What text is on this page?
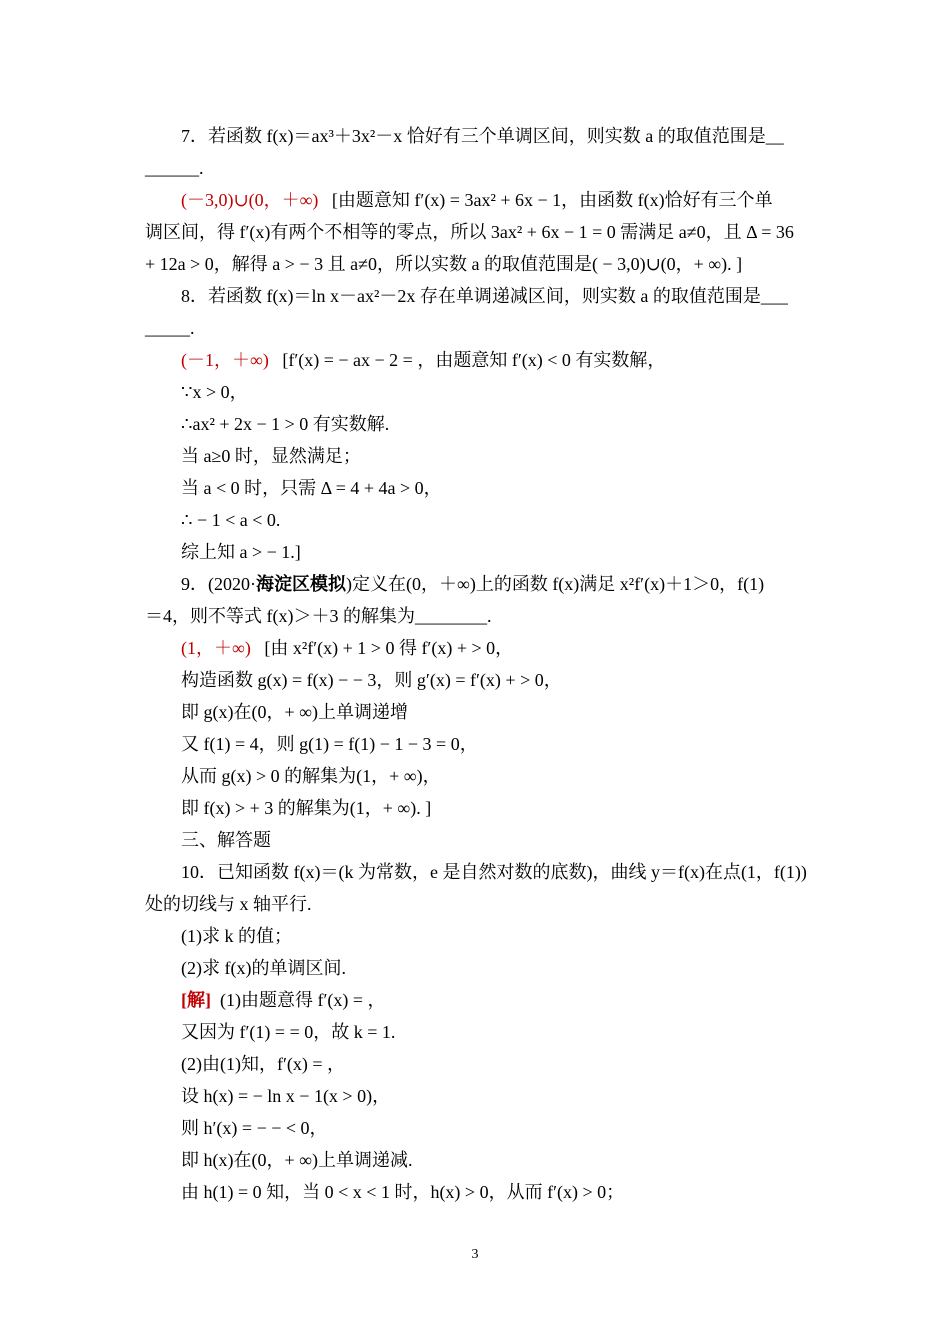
7．若函数 f(x)＝ax³＋3x²－x 恰好有三个单调区间，则实数 a 的取值范围是__
______.
(－3,0)∪(0，＋∞) [由题意知 f′(x) = 3ax² + 6x − 1，由函数 f(x)恰好有三个单
调区间，得 f′(x)有两个不相等的零点，所以 3ax² + 6x − 1 = 0 需满足 a≠0，且 Δ = 36
+ 12a > 0，解得 a > − 3 且 a≠0，所以实数 a 的取值范围是( − 3,0)∪(0，+ ∞). ]
8．若函数 f(x)＝ln x－ax²－2x 存在单调递减区间，则实数 a 的取值范围是___
_____.
(－1，＋∞) [f′(x) = − ax − 2 = ，由题意知 f′(x) < 0 有实数解，
∵x > 0，
∴ax² + 2x − 1 > 0 有实数解.
当 a≥0 时，显然满足；
当 a < 0 时，只需 Δ = 4 + 4a > 0，
∴ − 1 < a < 0.
综上知 a > − 1.]
9．(2020·海淀区模拟)定义在(0，＋∞)上的函数 f(x)满足 x²f′(x)＋1＞0，f(1)
＝4，则不等式 f(x)＞＋3 的解集为________.
(1，＋∞) [由 x²f′(x) + 1 > 0 得 f′(x) + > 0，
构造函数 g(x) = f(x) − − 3，则 g′(x) = f′(x) + > 0，
即 g(x)在(0，+ ∞)上单调递增
又 f(1) = 4，则 g(1) = f(1) − 1 − 3 = 0，
从而 g(x) > 0 的解集为(1，+ ∞)，
即 f(x) > + 3 的解集为(1，+ ∞). ]
三、解答题
10．已知函数 f(x)＝(k 为常数，e 是自然对数的底数)，曲线 y＝f(x)在点(1，f(1))
处的切线与 x 轴平行.
(1)求 k 的值；
(2)求 f(x)的单调区间.
[解] (1)由题意得 f′(x) = ，
又因为 f′(1) = = 0，故 k = 1.
(2)由(1)知，f′(x) = ，
设 h(x) = − ln x − 1(x > 0)，
则 h′(x) = − − < 0，
即 h(x)在(0，+ ∞)上单调递减.
由 h(1) = 0 知，当 0 < x < 1 时，h(x) > 0，从而 f′(x) > 0；
3
